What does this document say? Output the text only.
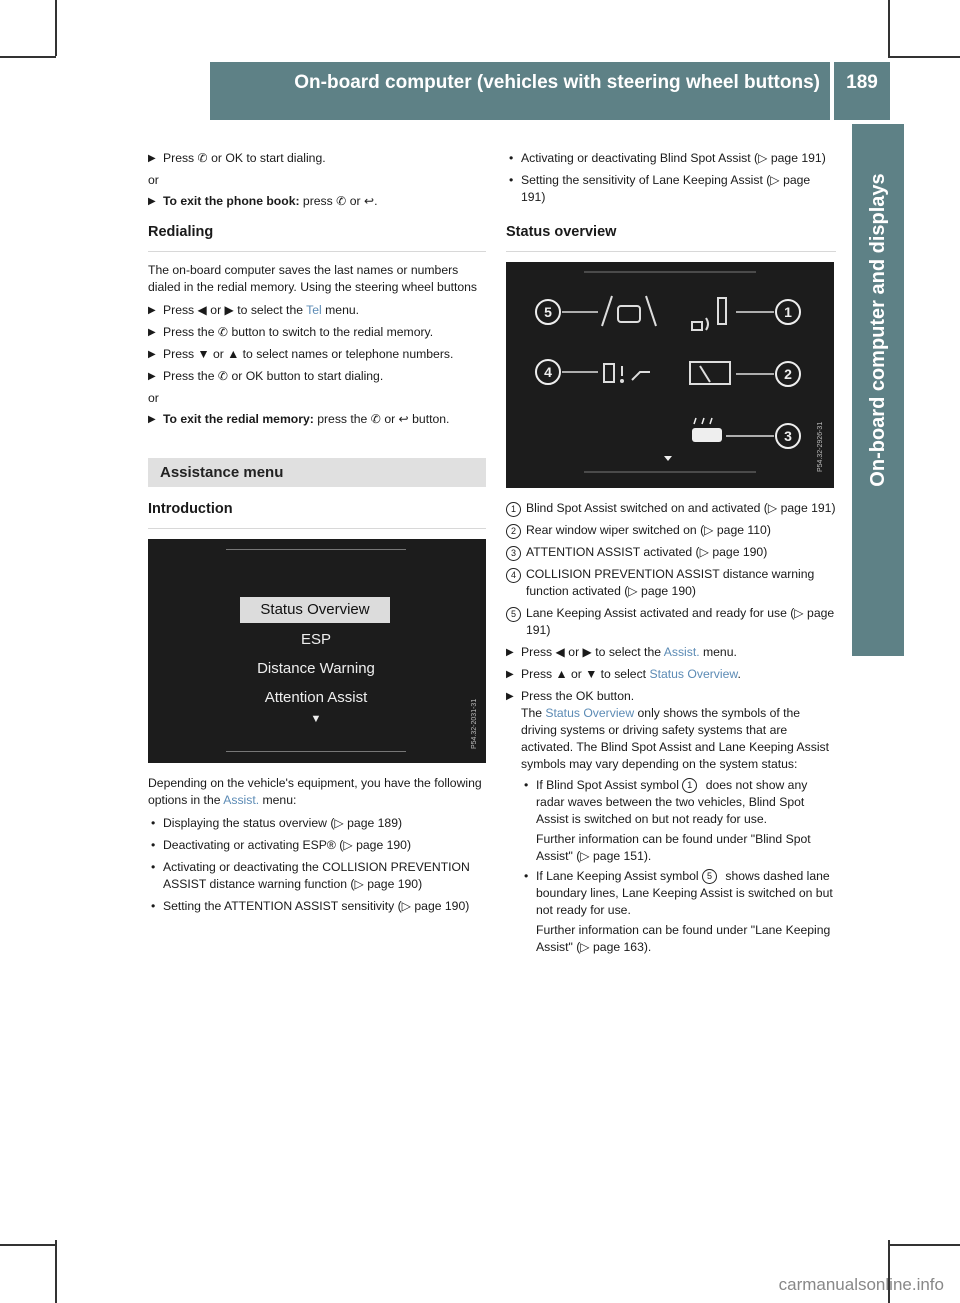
On-board computer (vehicles with steering wheel buttons)	189
On-board computer and displays

▶ Press ✆ or OK to start dialing.

or

▶ To exit the phone book: press ✆ or ↩.

Redialing

The on-board computer saves the last names or numbers dialed in the redial memory. Using the steering wheel buttons

▶ Press ◀ or ▶ to select the Tel menu.

▶ Press the ✆ button to switch to the redial memory.

▶ Press ▼ or ▲ to select names or telephone numbers.

▶ Press the ✆ or OK button to start dialing.

or

▶ To exit the redial memory: press the ✆ or ↩ button.

Assistance menu
Introduction
Status Overview
ESP
Distance Warning
Attention Assist
▼	P54.32-2031-31

Depending on the vehicle's equipment, you have the following options in the Assist. menu:

• Displaying the status overview (▷ page 189)

• Deactivating or activating ESP® (▷ page 190)

• Activating or deactivating the COLLISION PREVENTION ASSIST distance warning function (▷ page 190)

• Setting the ATTENTION ASSIST sensitivity (▷ page 190)

• Activating or deactivating Blind Spot Assist (▷ page 191)

• Setting the sensitivity of Lane Keeping Assist (▷ page 191)

Status overview
5
4
1
2
3	P54.32-2926-31

1 Blind Spot Assist switched on and activated (▷ page 191)

2 Rear window wiper switched on (▷ page 110)

3 ATTENTION ASSIST activated (▷ page 190)

4 COLLISION PREVENTION ASSIST distance warning function activated (▷ page 190)

5 Lane Keeping Assist activated and ready for use (▷ page 191)

▶ Press ◀ or ▶ to select the Assist. menu.

▶ Press ▲ or ▼ to select Status Overview.

▶ Press the OK button.

The Status Overview only shows the symbols of the driving systems or driving safety systems that are activated. The Blind Spot Assist and Lane Keeping Assist symbols may vary depending on the system status:

• If Blind Spot Assist symbol 1 does not show any radar waves between the two vehicles, Blind Spot Assist is switched on but not ready for use.

Further information can be found under "Blind Spot Assist" (▷ page 151).

• If Lane Keeping Assist symbol 5 shows dashed lane boundary lines, Lane Keeping Assist is switched on but not ready for use.

Further information can be found under "Lane Keeping Assist" (▷ page 163).

carmanualsonline.info
